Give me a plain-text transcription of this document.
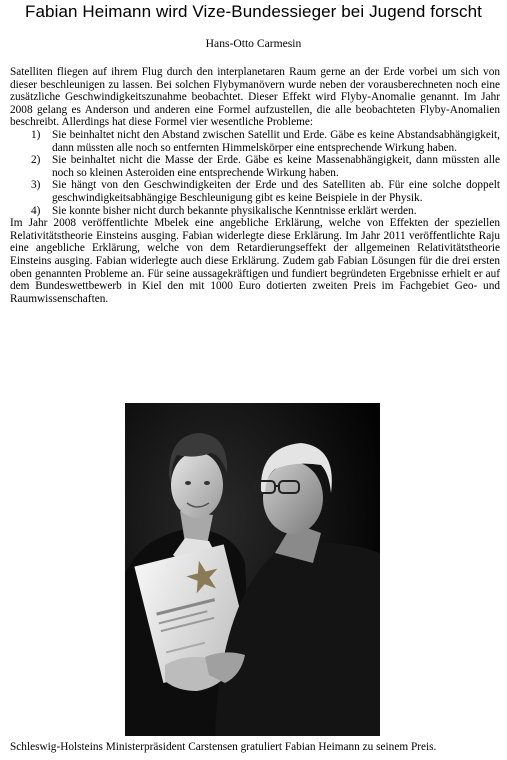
Fabian Heimann wird Vize-Bundessieger bei Jugend forscht
Hans-Otto Carmesin

Satelliten fliegen auf ihrem Flug durch den interplanetaren Raum gerne an der Erde vorbei um sich von dieser beschleunigen zu lassen. Bei solchen Flybymanövern wurde neben der vorausberechneten noch eine zusätzliche Geschwindigkeitszunahme beobachtet. Dieser Effekt wird Flyby-Anomalie genannt. Im Jahr 2008 gelang es Anderson und anderen eine Formel aufzustellen, die alle beobachteten Flyby-Anomalien beschreibt. Allerdings hat diese Formel vier wesentliche Probleme:

1) Sie beinhaltet nicht den Abstand zwischen Satellit und Erde. Gäbe es keine Abstandsabhängigkeit, dann müssten alle noch so entfernten Himmelskörper eine entsprechende Wirkung haben.
2) Sie beinhaltet nicht die Masse der Erde. Gäbe es keine Massenabhängigkeit, dann müssten alle noch so kleinen Asteroiden eine entsprechende Wirkung haben.
3) Sie hängt von den Geschwindigkeiten der Erde und des Satelliten ab. Für eine solche doppelt geschwindigkeitsabhängige Beschleunigung gibt es keine Beispiele in der Physik.
4) Sie konnte bisher nicht durch bekannte physikalische Kenntnisse erklärt werden.

Im Jahr 2008 veröffentlichte Mbelek eine angebliche Erklärung, welche von Effekten der speziellen Relativitätstheorie Einsteins ausging. Fabian widerlegte diese Erklärung. Im Jahr 2011 veröffentlichte Raju eine angebliche Erklärung, welche von dem Retardierungseffekt der allgemeinen Relativitätstheorie Einsteins ausging. Fabian widerlegte auch diese Erklärung. Zudem gab Fabian Lösungen für die drei ersten oben genannten Probleme an. Für seine aussagekräftigen und fundiert begründeten Ergebnisse erhielt er auf dem Bundeswettbewerb in Kiel den mit 1000 Euro dotierten zweiten Preis im Fachgebiet Geo- und Raumwissenschaften.

Schleswig-Holsteins Ministerpräsident Carstensen gratuliert Fabian Heimann zu seinem Preis.
